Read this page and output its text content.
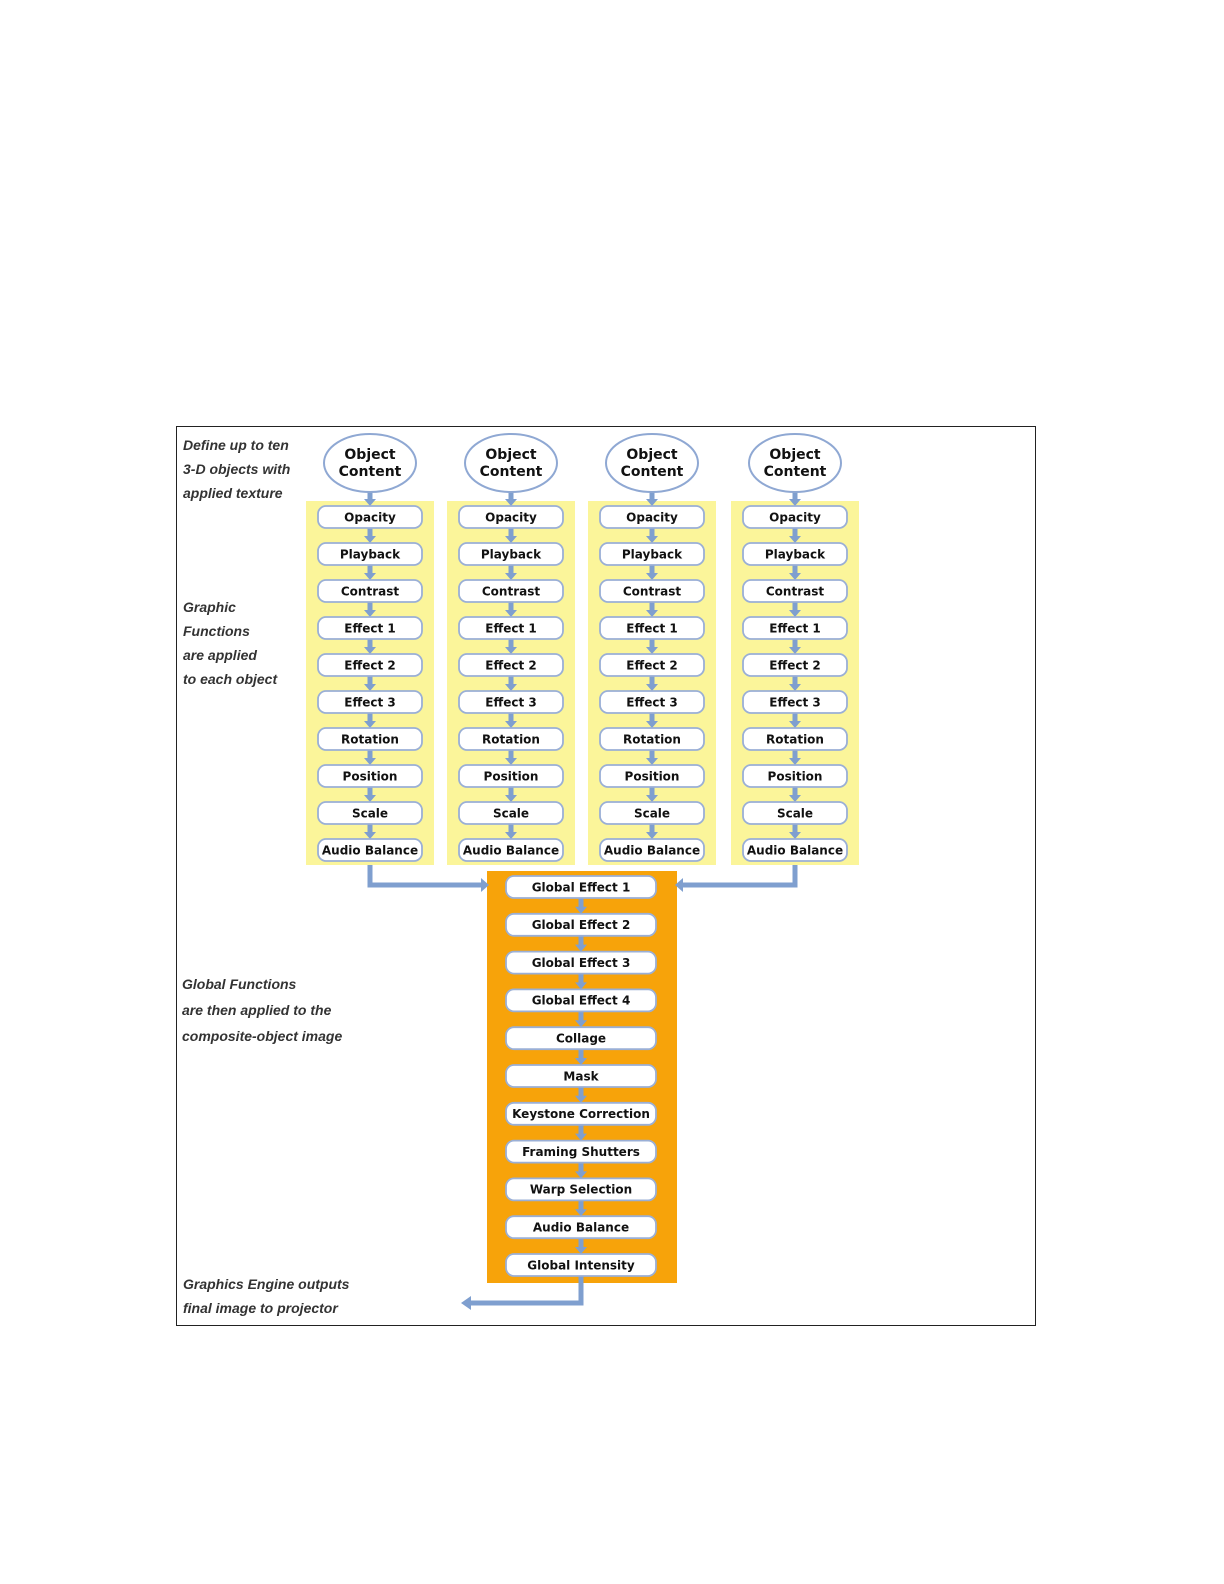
Define up to ten
3-D objects with
applied texture
Graphic
Functions
are applied
to each object
Global Functions
are then applied to the
composite-object image
Graphics Engine outputs
final image to projector
Object
Content
Opacity
Playback
Contrast
Effect 1
Effect 2
Effect 3
Rotation
Position
Scale
Audio Balance
Object
Content
Opacity
Playback
Contrast
Effect 1
Effect 2
Effect 3
Rotation
Position
Scale
Audio Balance
Object
Content
Opacity
Playback
Contrast
Effect 1
Effect 2
Effect 3
Rotation
Position
Scale
Audio Balance
Object
Content
Opacity
Playback
Contrast
Effect 1
Effect 2
Effect 3
Rotation
Position
Scale
Audio Balance
Global Effect 1
Global Effect 2
Global Effect 3
Global Effect 4
Collage
Mask
Keystone Correction
Framing Shutters
Warp Selection
Audio Balance
Global Intensity
